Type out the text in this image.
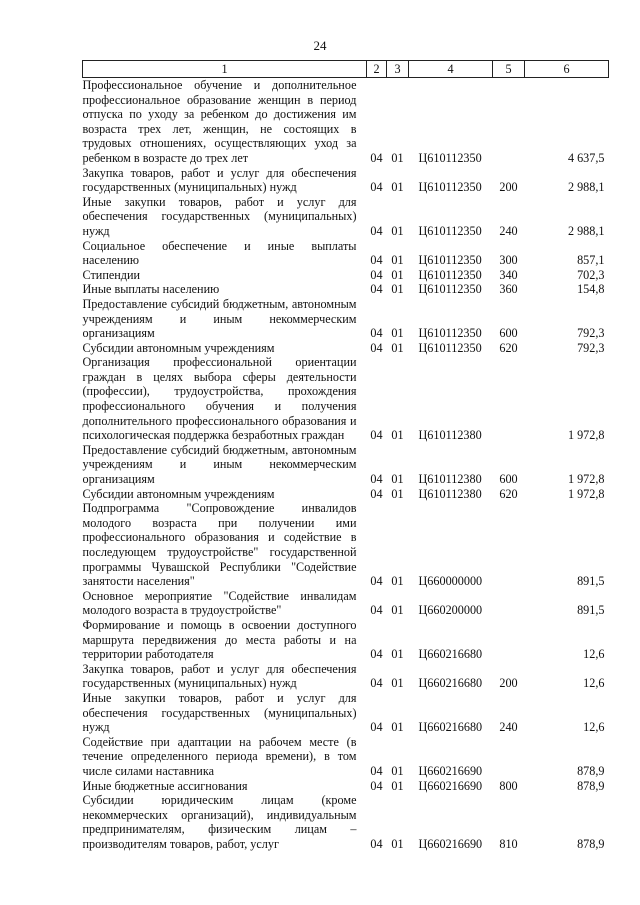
24
1	2	3	4	5	6
Профессиональное обучение и дополнительное профессиональное образование женщин в период отпуска по уходу за ребенком до достижения им возраста трех лет, женщин, не состоящих в трудовых отношениях, осуществляющих уход за ребенком в возрасте до трех лет	04	01	Ц610112350		4 637,5
Закупка товаров, работ и услуг для обеспечения государственных (муниципальных) нужд	04	01	Ц610112350	200	2 988,1
Иные закупки товаров, работ и услуг для обеспечения государственных (муниципальных) нужд	04	01	Ц610112350	240	2 988,1
Социальное обеспечение и иные выплаты населению	04	01	Ц610112350	300	857,1
Стипендии	04	01	Ц610112350	340	702,3
Иные выплаты населению	04	01	Ц610112350	360	154,8
Предоставление субсидий бюджетным, автономным учреждениям и иным некоммерческим организациям	04	01	Ц610112350	600	792,3
Субсидии автономным учреждениям	04	01	Ц610112350	620	792,3
Организация профессиональной ориентации граждан в целях выбора сферы деятельности (профессии), трудоустройства, прохождения профессионального обучения и получения дополнительного профессионального образования и психологическая поддержка безработных граждан	04	01	Ц610112380		1 972,8
Предоставление субсидий бюджетным, автономным учреждениям и иным некоммерческим организациям	04	01	Ц610112380	600	1 972,8
Субсидии автономным учреждениям	04	01	Ц610112380	620	1 972,8
Подпрограмма "Сопровождение инвалидов молодого возраста при получении ими профессионального образования и содействие в последующем трудоустройстве" государственной программы Чувашской Республики "Содействие занятости населения"	04	01	Ц660000000		891,5
Основное мероприятие "Содействие инвалидам молодого возраста в трудоустройстве"	04	01	Ц660200000		891,5
Формирование и помощь в освоении доступного маршрута передвижения до места работы и на территории работодателя	04	01	Ц660216680		12,6
Закупка товаров, работ и услуг для обеспечения государственных (муниципальных) нужд	04	01	Ц660216680	200	12,6
Иные закупки товаров, работ и услуг для обеспечения государственных (муниципальных) нужд	04	01	Ц660216680	240	12,6
Содействие при адаптации на рабочем месте (в течение определенного периода времени), в том числе силами наставника	04	01	Ц660216690		878,9
Иные бюджетные ассигнования	04	01	Ц660216690	800	878,9
Субсидии юридическим лицам (кроме некоммерческих организаций), индивидуальным предпринимателям, физическим лицам – производителям товаров, работ, услуг	04	01	Ц660216690	810	878,9
